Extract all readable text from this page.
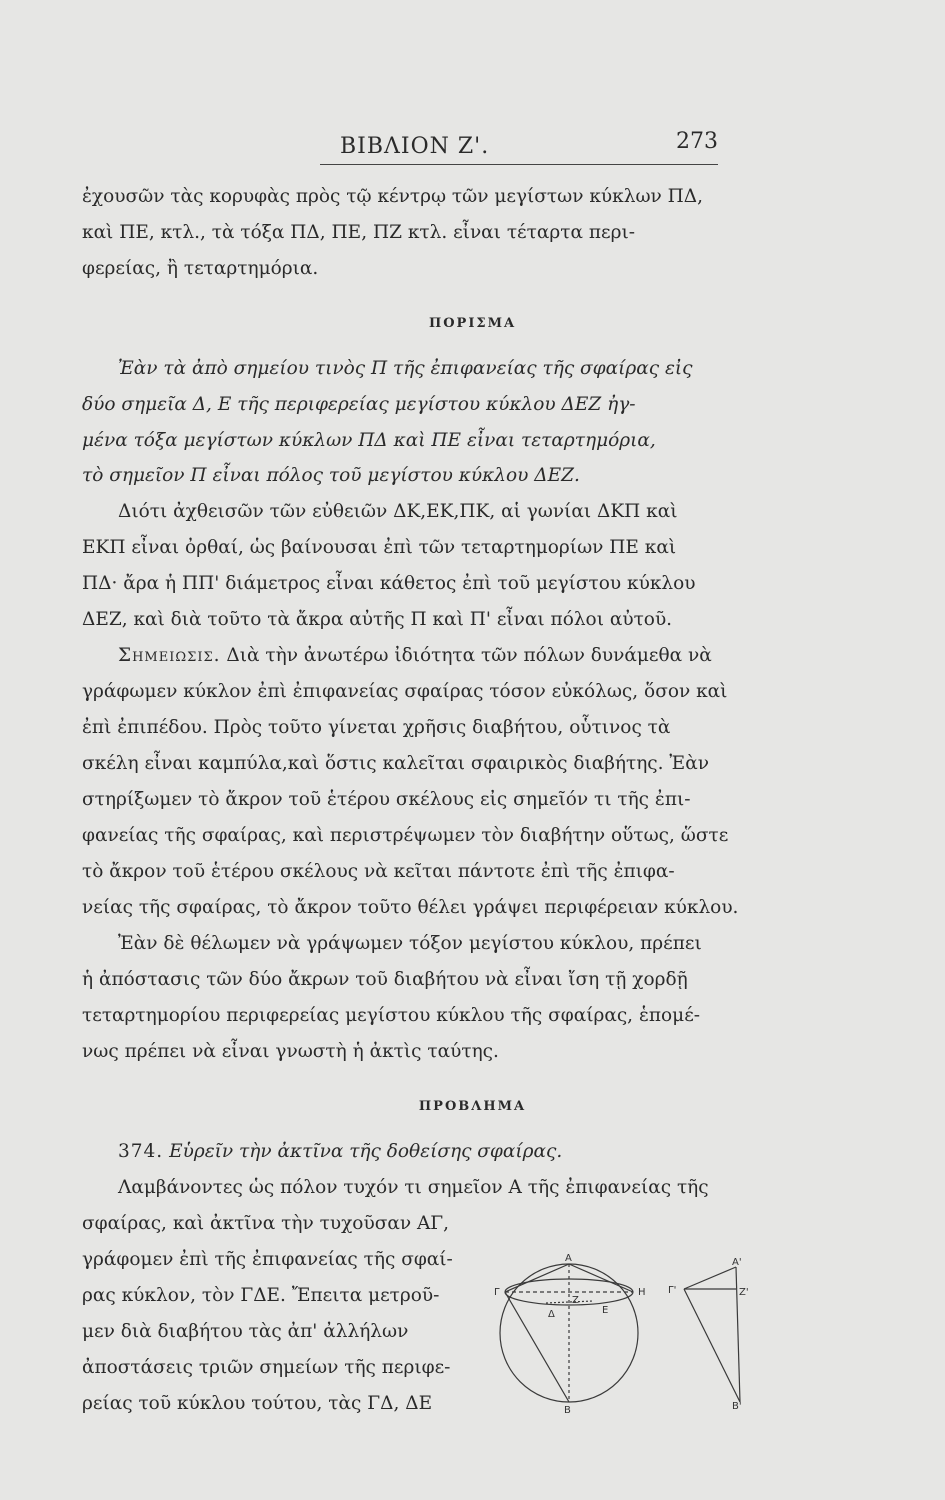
ΒΙΒΛΙΟΝ Ζ'.	273
ἐχουσῶν τὰς κορυφὰς πρὸς τῷ κέντρῳ τῶν μεγίστων κύκλων ΠΔ,
καὶ ΠΕ, κτλ., τὰ τόξα ΠΔ, ΠΕ, ΠΖ κτλ. εἶναι τέταρτα περι-
φερείας, ἢ τεταρτημόρια.
ΠΟΡΙΣΜΑ
Ἐὰν τὰ ἀπὸ σημείου τινὸς Π τῆς ἐπιφανείας τῆς σφαίρας εἰς
δύο σημεῖα Δ, Ε τῆς περιφερείας μεγίστου κύκλου ΔΕΖ ἠγ-
μένα τόξα μεγίστων κύκλων ΠΔ καὶ ΠΕ εἶναι τεταρτημόρια,
τὸ σημεῖον Π εἶναι πόλος τοῦ μεγίστου κύκλου ΔΕΖ.
Διότι ἀχθεισῶν τῶν εὐθειῶν ΔΚ,ΕΚ,ΠΚ, αἱ γωνίαι ΔΚΠ καὶ
ΕΚΠ εἶναι ὀρθαί, ὡς βαίνουσαι ἐπὶ τῶν τεταρτημορίων ΠΕ καὶ
ΠΔ· ἄρα ἡ ΠΠ' διάμετρος εἶναι κάθετος ἐπὶ τοῦ μεγίστου κύκλου
ΔΕΖ, καὶ διὰ τοῦτο τὰ ἄκρα αὐτῆς Π καὶ Π' εἶναι πόλοι αὐτοῦ.
Σημειωσις. Διὰ τὴν ἀνωτέρω ἰδιότητα τῶν πόλων δυνάμεθα νὰ
γράφωμεν κύκλον ἐπὶ ἐπιφανείας σφαίρας τόσον εὐκόλως, ὅσον καὶ
ἐπὶ ἐπιπέδου. Πρὸς τοῦτο γίνεται χρῆσις διαβήτου, οὗτινος τὰ
σκέλη εἶναι καμπύλα,καὶ ὅστις καλεῖται σφαιρικὸς διαβήτης. Ἐὰν
στηρίξωμεν τὸ ἄκρον τοῦ ἑτέρου σκέλους εἰς σημεῖόν τι τῆς ἐπι-
φανείας τῆς σφαίρας, καὶ περιστρέψωμεν τὸν διαβήτην οὕτως, ὥστε
τὸ ἄκρον τοῦ ἑτέρου σκέλους νὰ κεῖται πάντοτε ἐπὶ τῆς ἐπιφα-
νείας τῆς σφαίρας, τὸ ἄκρον τοῦτο θέλει γράψει περιφέρειαν κύκλου.
Ἐὰν δὲ θέλωμεν νὰ γράψωμεν τόξον μεγίστου κύκλου, πρέπει
ἡ ἀπόστασις τῶν δύο ἄκρων τοῦ διαβήτου νὰ εἶναι ἴση τῇ χορδῇ
τεταρτημορίου περιφερείας μεγίστου κύκλου τῆς σφαίρας, ἑπομέ-
νως πρέπει νὰ εἶναι γνωστὴ ἡ ἀκτὶς ταύτης.
ΠΡΟΒΛΗΜΑ
374. Εὑρεῖν τὴν ἀκτῖνα τῆς δοθείσης σφαίρας.
Λαμβάνοντες ὡς πόλον τυχόν τι σημεῖον Α τῆς ἐπιφανείας τῆς
σφαίρας, καὶ ἀκτῖνα τὴν τυχοῦσαν ΑΓ,
γράφομεν ἐπὶ τῆς ἐπιφανείας τῆς σφαί-
ρας κύκλον, τὸν ΓΔΕ. Ἔπειτα μετροῦ-
μεν διὰ διαβήτου τὰς ἀπ' ἀλλήλων
ἀποστάσεις τριῶν σημείων τῆς περιφε-
ρείας τοῦ κύκλου τούτου, τὰς ΓΔ, ΔΕ
Α
Γ	Η
Ζ
Δ	Ε
Β
Α'
Γ'	Ζ'
Β'
